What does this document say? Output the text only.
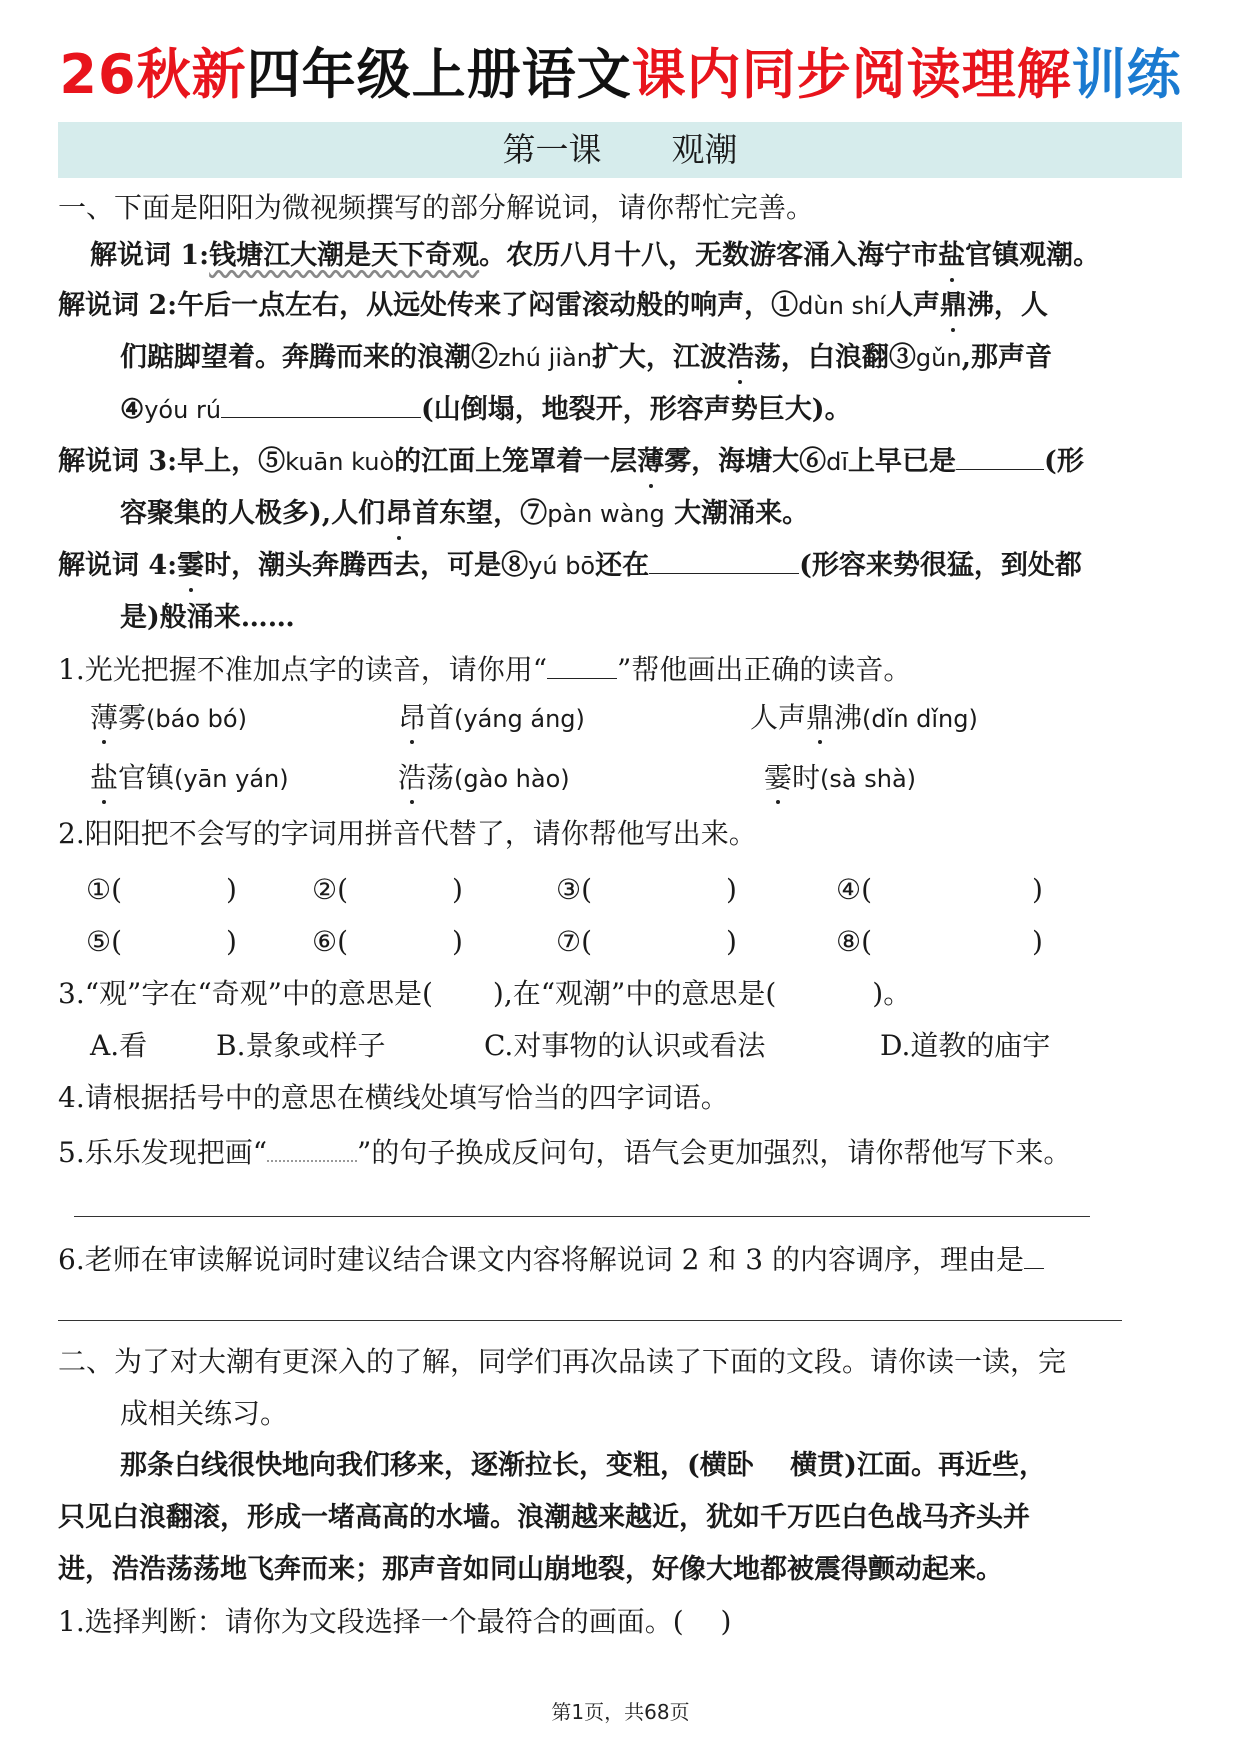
26秋新四年级上册语文课内同步阅读理解训练
第一课 观潮
一、下面是阳阳为微视频撰写的部分解说词，请你帮忙完善。
解说词 1:钱塘江大潮是天下奇观。农历八月十八，无数游客涌入海宁市盐官镇观潮。
解说词 2:午后一点左右，从远处传来了闷雷滚动般的响声，①dùn shí人声鼎沸，人
们踮脚望着。奔腾而来的浪潮②zhú jiàn扩大，江波浩荡，白浪翻③gǔn,那声音
④yóu rú	(山倒塌，地裂开，形容声势巨大)。
解说词 3:早上，⑤kuān kuò的江面上笼罩着一层薄雾，海塘大⑥dī上早已是	(形
容聚集的人极多),人们昂首东望，⑦pàn wàng 大潮涌来。
解说词 4:霎时，潮头奔腾西去，可是⑧yú bō还在	(形容来势很猛，到处都
是)般涌来……
1.光光把握不准加点字的读音，请你用“	”帮他画出正确的读音。
薄雾(báo bó)	昂首(yáng áng)	人声鼎沸(dǐn dǐng)
盐官镇(yān yán)	浩荡(gào hào)	霎时(sà shà)
2.阳阳把不会写的字词用拼音代替了，请你帮他写出来。
①(	)	②(	)	③(	)	④(	)
⑤(	)	⑥(	)	⑦(	)	⑧(	)
3.“观”字在“奇观”中的意思是( ),在“观潮”中的意思是(	)。
A.看 B.景象或样子	C.对事物的认识或看法	D.道教的庙宇
4.请根据括号中的意思在横线处填写恰当的四字词语。
5.乐乐发现把画“	”的句子换成反问句，语气会更加强烈，请你帮他写下来。
6.老师在审读解说词时建议结合课文内容将解说词 2 和 3 的内容调序，理由是
二、为了对大潮有更深入的了解，同学们再次品读了下面的文段。请你读一读，完
成相关练习。
那条白线很快地向我们移来，逐渐拉长，变粗，(横卧　 横贯)江面。再近些，
只见白浪翻滚，形成一堵高高的水墙。浪潮越来越近，犹如千万匹白色战马齐头并
进，浩浩荡荡地飞奔而来；那声音如同山崩地裂，好像大地都被震得颤动起来。
1.选择判断：请你为文段选择一个最符合的画面。(　 )
第1页，共68页
